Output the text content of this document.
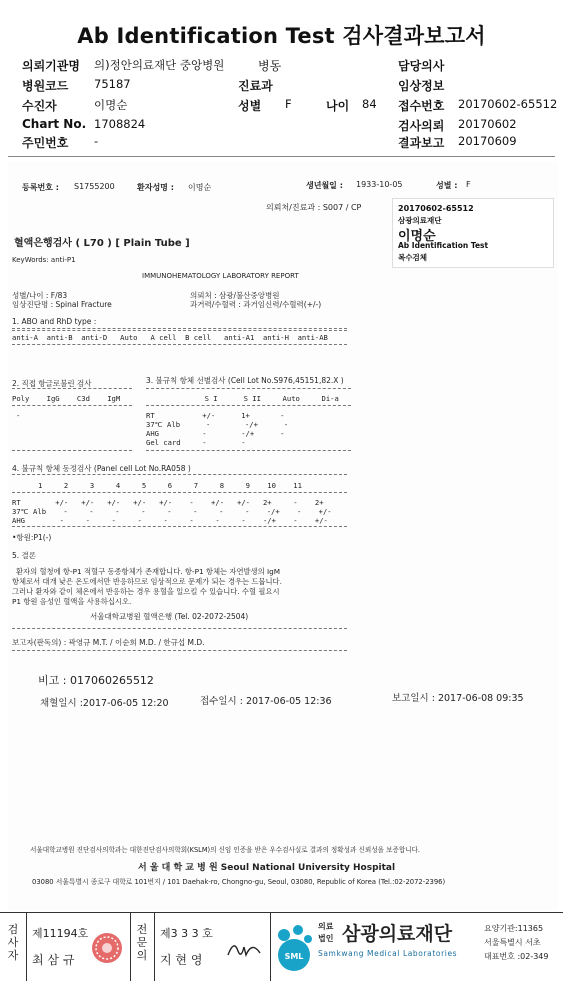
Ab Identification Test 검사결과보고서
의뢰기관명 의)정안의료재단 중앙병원	병동	담당의사
병원코드 75187	진료과	임상정보
수진자	이명순	성별 F	나이 84 접수번호 20170602-65512
Chart No. 1708824	검사의뢰 20170602
주민번호 -	결과보고 20170609
등록번호 : S1755200	환자성명 : 이명순	생년월일 : 1933-10-05	성별 : F
의뢰처/진료과 : S007 / CP	20170602-65512
삼광의료재단
이명순
Ab Identification Test
복수검체
혈액은행검사 ( L70 ) [ Plain Tube ]
KeyWords: anti-P1
IMMUNOHEMATOLOGY LABORATORY REPORT
성별/나이 : F/83
임상진단명 : Spinal Fracture
의뢰처 : 삼광/불산중앙병원
과거력/수혈력 : 과거임신력/수혈력(+/-)
1. ABO and RhD type :
anti-A  anti-B  anti-D   Auto   A cell  B cell   anti-A1  anti-H  anti-AB
2. 직접 항글로불린 검사	3. 불규칙 항체 선별검사 (Cell Lot No.S976,45151,82.X )
Poly    IgG    C3d    IgM	S I      S II     Auto     Di-a
-	RT           +/-      1+       -
37℃ Alb      -        -/+      -
AHG          -        -/+      -
Gel card     -        -
4. 불규칙 항체 동정검사 (Panel cell Lot No.RA058 )
1     2     3     4     5     6     7     8     9    10    11
RT        +/-   +/-   +/-   +/-   +/-    -    +/-   +/-   2+     -    2+
37℃ Alb    -     -     -     -     -     -     -     -    -/+    -    +/-
AHG        -     -     -     -     -     -     -     -    -/+    -    +/-
•항원:P1(-)
5. 결론
환자의 혈청에 항-P1 적혈구 동종항체가 존재합니다. 항-P1 항체는 자연발생의 IgM
항체로서 대개 낮은 온도에서만 반응하므로 임상적으로 문제가 되는 경우는 드뭅니다.
그러나 환자와 같이 체온에서 반응하는 경우 용혈을 일으킬 수 있습니다. 수혈 필요시
P1 항원 음성인 혈액을 사용하십시오.
서울대학교병원 혈액은행 (Tel. 02-2072-2504)
보고자(판독의) : 곽영규 M.T. / 이순희 M.D. / 한규섭 M.D.
비고 : 017060265512
채혈일시 :2017-06-05 12:20	접수일시 : 2017-06-05 12:36	보고일시 : 2017-06-08 09:35
서울대학교병원 진단검사의학과는 대한진단검사의학회(KSLM)의 신임 인증을 받은 우수검사실로 결과의 정확성과 신뢰성을 보증합니다.
서 울 대 학 교 병 원 Seoul National University Hospital
03080 서울특별시 종로구 대학로 101번지 / 101 Daehak-ro, Chongno-gu, Seoul, 03080, Republic of Korea (Tel.:02-2072-2396)
검
사
자
제11194호
최 삼 규
전
문
의
제3 3 3 호
지 현 영	SML
의료
법인 삼광의료재단
Samkwang Medical Laboratories
요양기관:11365
서울특별시 서초
대표번호 :02-349
